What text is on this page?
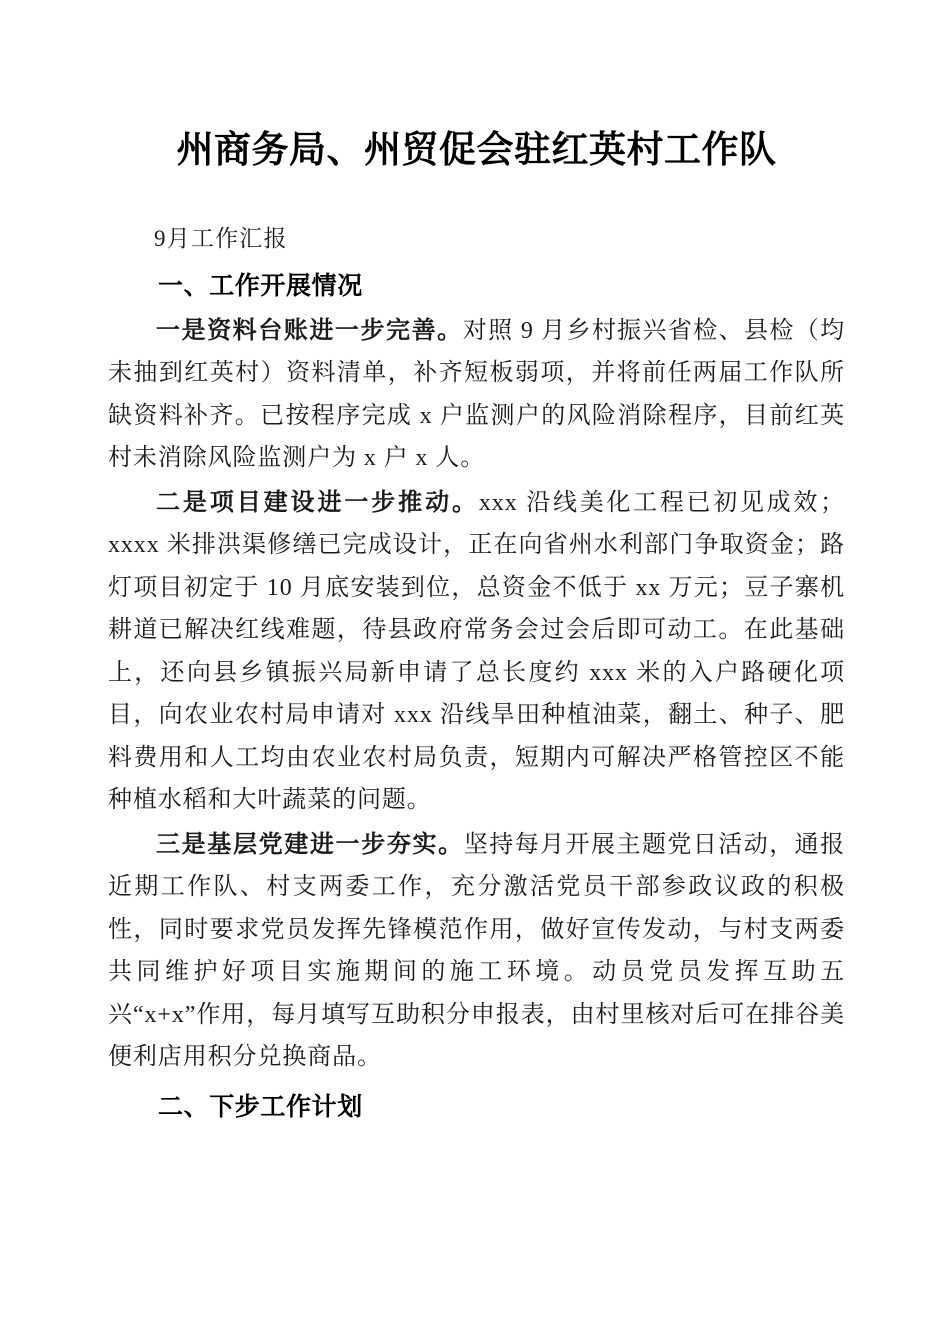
州商务局、州贸促会驻红英村工作队

9月工作汇报

一、工作开展情况

一是资料台账进一步完善。对照 9 月乡村振兴省检、县检（均未抽到红英村）资料清单，补齐短板弱项，并将前任两届工作队所缺资料补齐。已按程序完成 x 户监测户的风险消除程序，目前红英村未消除风险监测户为 x 户 x 人。

二是项目建设进一步推动。xxx 沿线美化工程已初见成效；xxxx 米排洪渠修缮已完成设计，正在向省州水利部门争取资金；路灯项目初定于 10 月底安装到位，总资金不低于 xx 万元；豆子寨机耕道已解决红线难题，待县政府常务会过会后即可动工。在此基础上，还向县乡镇振兴局新申请了总长度约 xxx 米的入户路硬化项目，向农业农村局申请对 xxx 沿线旱田种植油菜，翻土、种子、肥料费用和人工均由农业农村局负责，短期内可解决严格管控区不能种植水稻和大叶蔬菜的问题。

三是基层党建进一步夯实。坚持每月开展主题党日活动，通报近期工作队、村支两委工作，充分激活党员干部参政议政的积极性，同时要求党员发挥先锋模范作用，做好宣传发动，与村支两委共同维护好项目实施期间的施工环境。动员党员发挥互助五兴“x+x”作用，每月填写互助积分申报表，由村里核对后可在排谷美便利店用积分兑换商品。

二、下步工作计划
